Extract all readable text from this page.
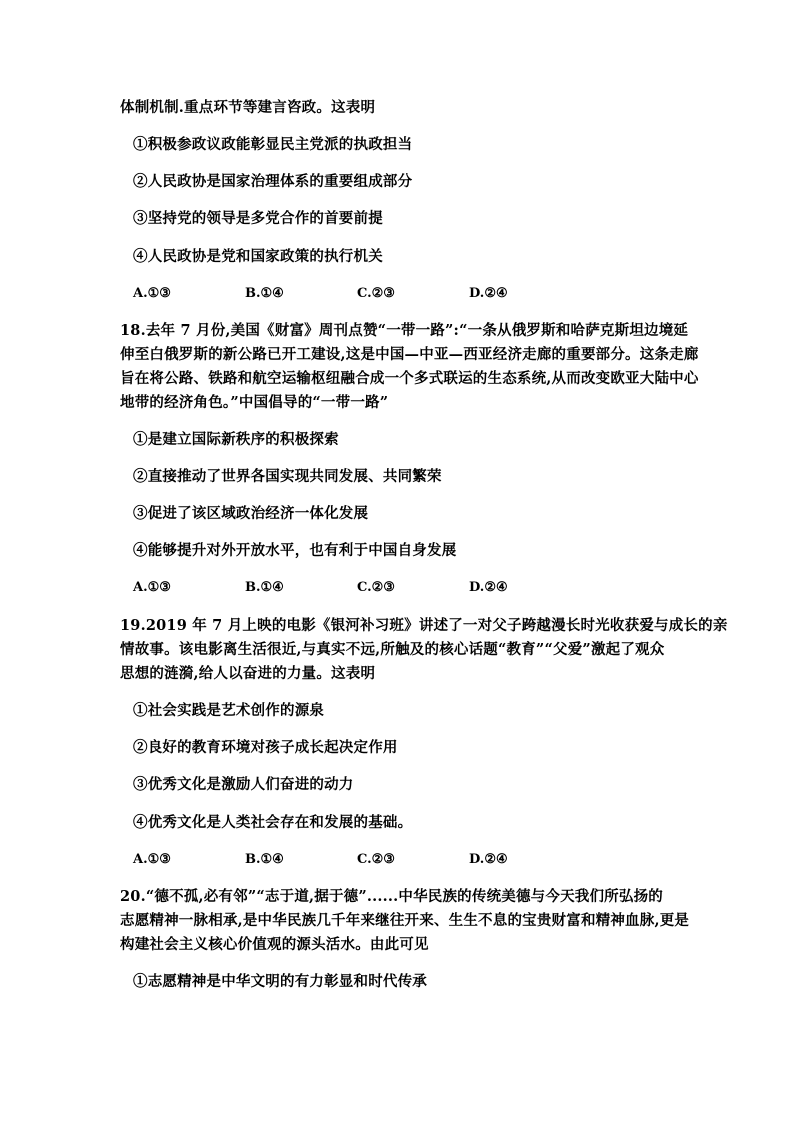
体制机制.重点环节等建言咨政。这表明
①积极参政议政能彰显民主党派的执政担当
②人民政协是国家治理体系的重要组成部分
③坚持党的领导是多党合作的首要前提
④人民政协是党和国家政策的执行机关
A.①③	B.①④	C.②③	D.②④
18.去年 7 月份,美国《财富》周刊点赞“一带一路”:“一条从俄罗斯和哈萨克斯坦边境延
伸至白俄罗斯的新公路已开工建设,这是中国—中亚—西亚经济走廊的重要部分。这条走廊
旨在将公路、铁路和航空运输枢纽融合成一个多式联运的生态系统,从而改变欧亚大陆中心
地带的经济角色。”中国倡导的“一带一路”
①是建立国际新秩序的积极探索
②直接推动了世界各国实现共同发展、共同繁荣
③促进了该区域政治经济一体化发展
④能够提升对外开放水平，也有利于中国自身发展
A.①③	B.①④	C.②③	D.②④
19.2019 年 7 月上映的电影《银河补习班》讲述了一对父子跨越漫长时光收获爱与成长的亲
情故事。该电影离生活很近,与真实不远,所触及的核心话题“教育”“父爱”激起了观众
思想的涟漪,给人以奋进的力量。这表明
①社会实践是艺术创作的源泉
②良好的教育环境对孩子成长起决定作用
③优秀文化是激励人们奋进的动力
④优秀文化是人类社会存在和发展的基础。
A.①③	B.①④	C.②③	D.②④
20.“德不孤,必有邻”“志于道,据于德”......中华民族的传统美德与今天我们所弘扬的
志愿精神一脉相承,是中华民族几千年来继往开来、生生不息的宝贵财富和精神血脉,更是
构建社会主义核心价值观的源头活水。由此可见
①志愿精神是中华文明的有力彰显和时代传承
